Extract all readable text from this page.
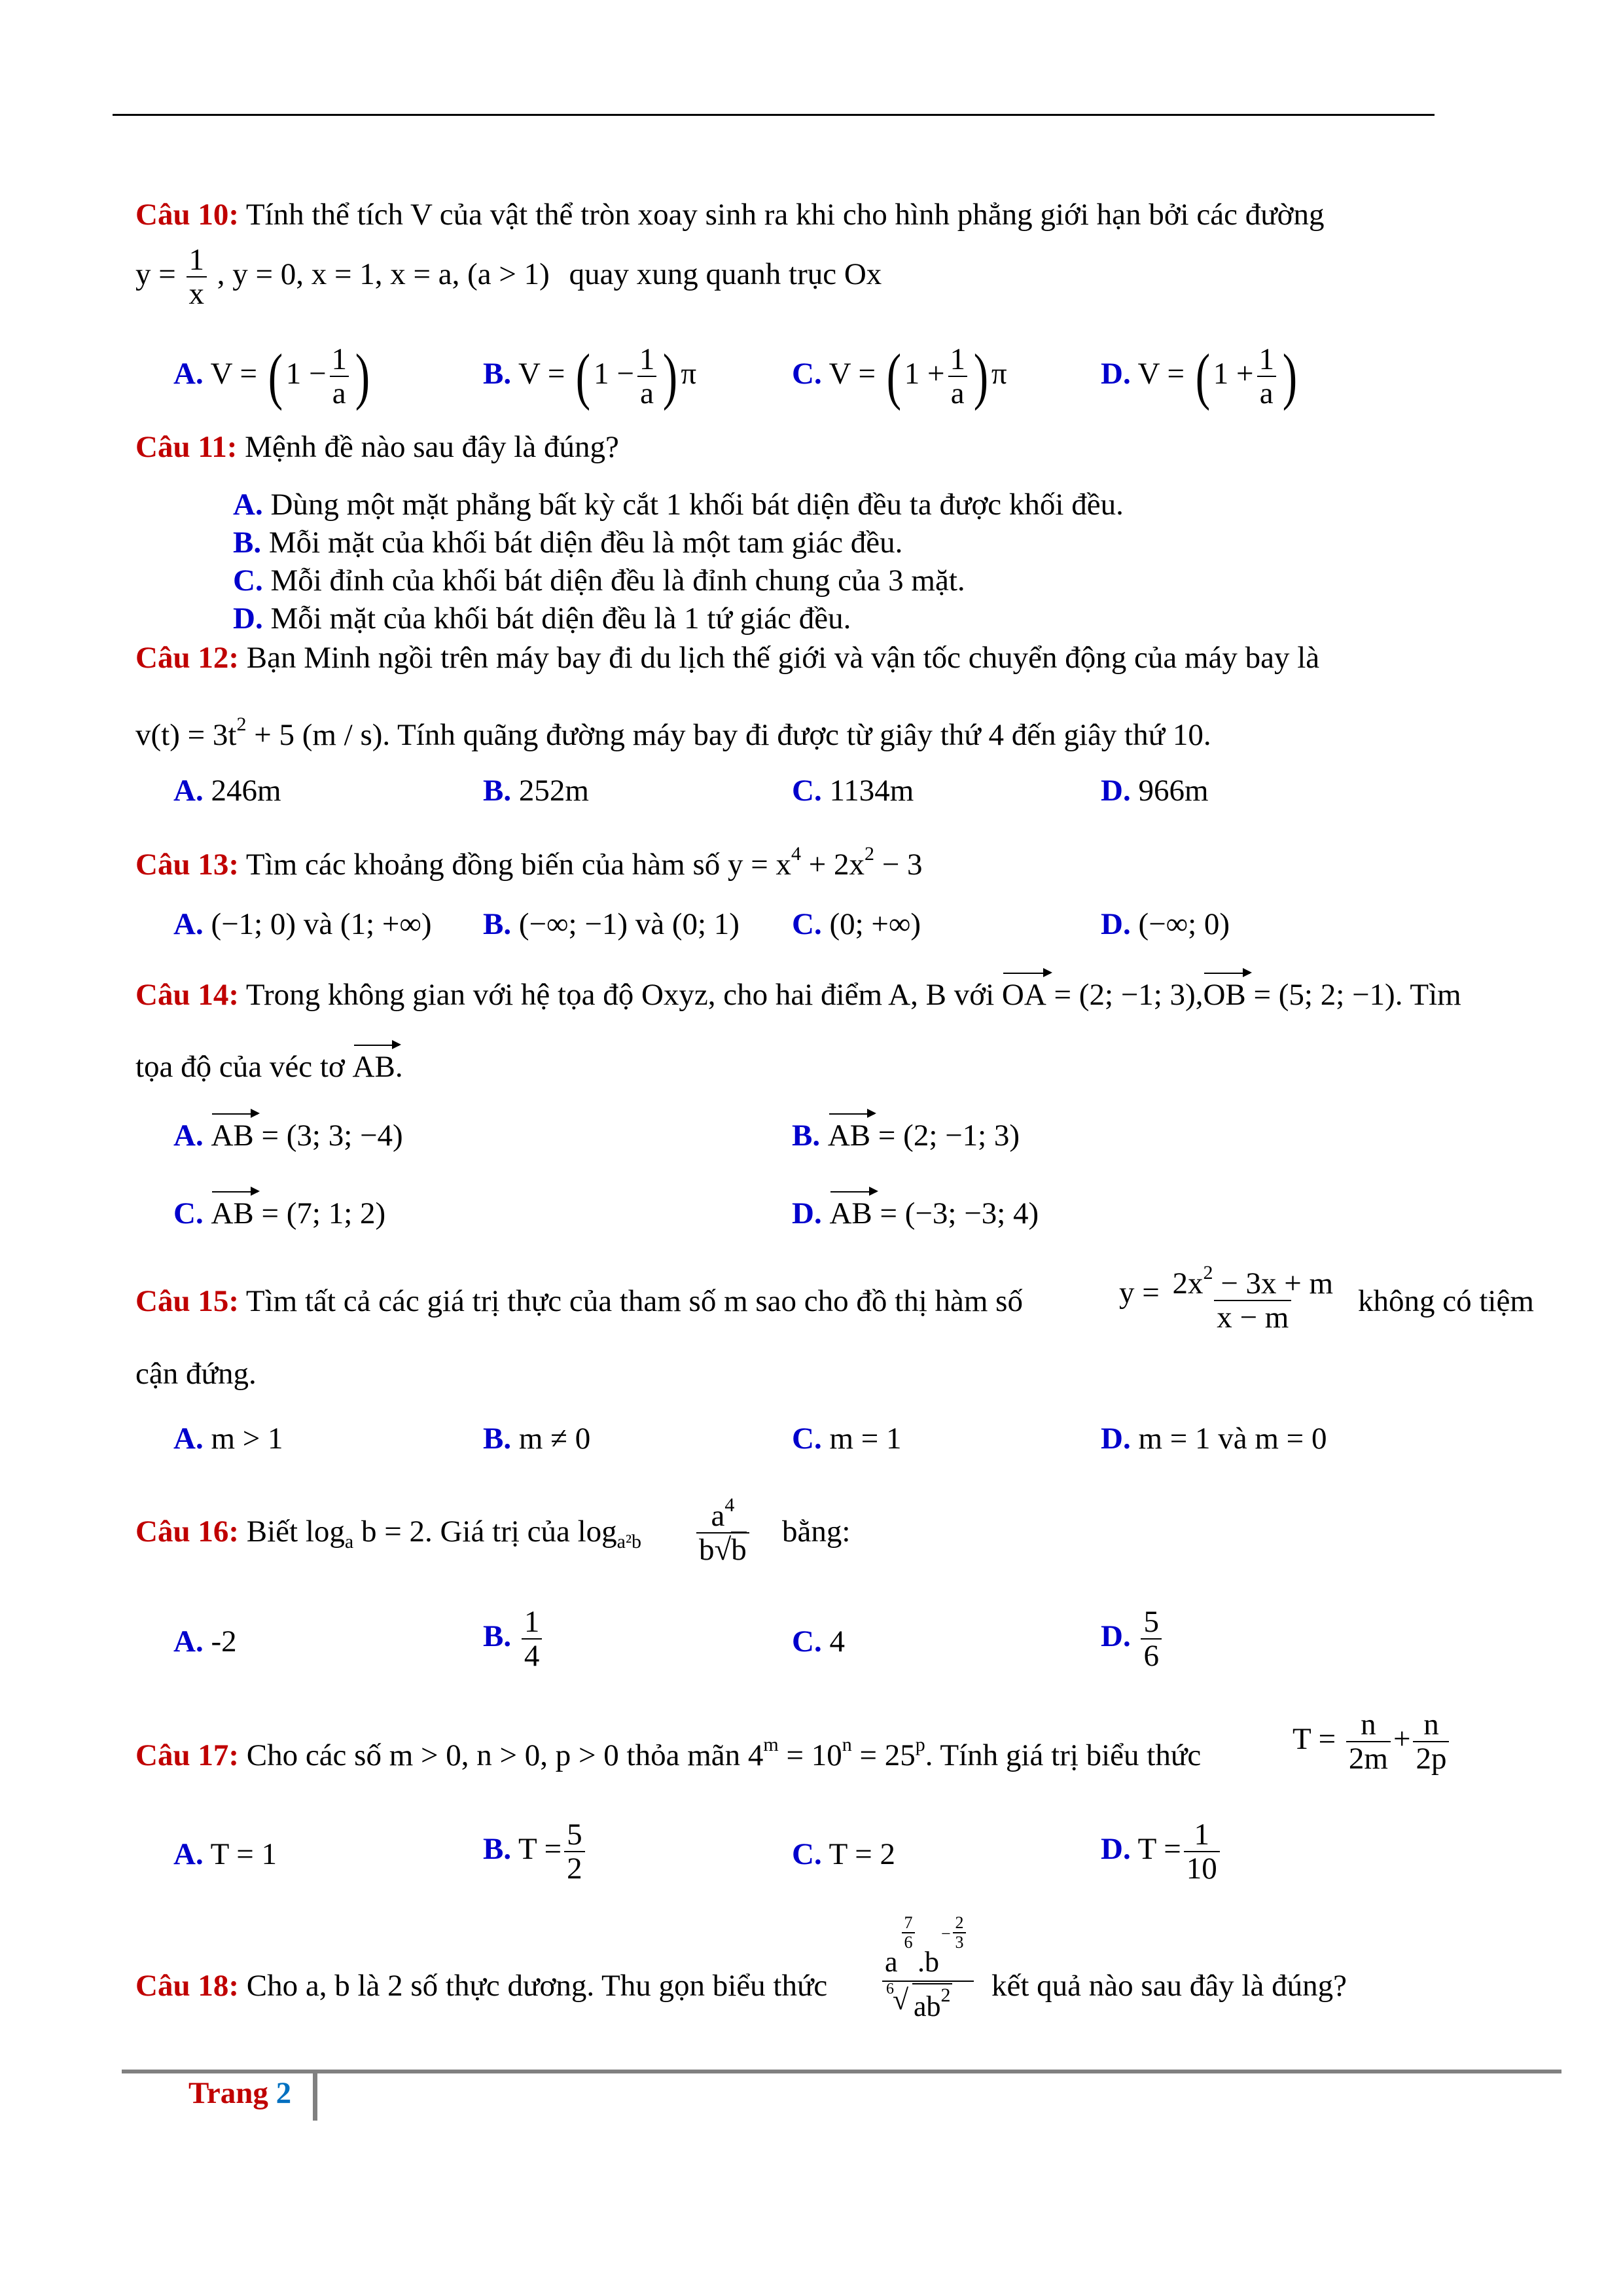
Câu 10: Tính thể tích V của vật thể tròn xoay sinh ra khi cho hình phẳng giới hạn bởi các đường
$y = \frac{1}{x}$ , y = 0, x = 1, x = a, (a > 1) quay xung quanh trục Ox
A. V = ( $1 - \frac{1}{a}$ )	B. V = ( $1 - \frac{1}{a}$ ) π	C. V = ( $1 + \frac{1}{a}$ ) π	D. V = ( $1 + \frac{1}{a}$ )
Câu 11: Mệnh đề nào sau đây là đúng?
A. Dùng một mặt phẳng bất kỳ cắt 1 khối bát diện đều ta được khối đều.
B. Mỗi mặt của khối bát diện đều là một tam giác đều.
C. Mỗi đỉnh của khối bát diện đều là đỉnh chung của 3 mặt.
D. Mỗi mặt của khối bát diện đều là 1 tứ giác đều.
Câu 12: Bạn Minh ngồi trên máy bay đi du lịch thế giới và vận tốc chuyển động của máy bay là
$v(t) = 3t^2 + 5$ (m / s). Tính quãng đường máy bay đi được từ giây thứ 4 đến giây thứ 10.
A. 246m	B. 252m	C. 1134m	D. 966m
Câu 13: Tìm các khoảng đồng biến của hàm số $y = x^4 + 2x^2 - 3$
A. (−1; 0) và (1; +∞) B. (−∞; −1) và (0; 1) C. (0; +∞)	D. (−∞; 0)
Câu 14: Trong không gian với hệ tọa độ Oxyz, cho hai điểm A, B với OA = (2; −1; 3),OB = (5; 2; −1). Tìm
tọa độ của véc tơ AB.
A. AB = (3; 3; −4)	B. AB = (2; −1; 3)
C. AB = (7; 1; 2)	D. AB = (−3; −3; 4)
Câu 15: Tìm tất cả các giá trị thực của tham số m sao cho đồ thị hàm số	$y = \frac{2x^2 - 3x + m}{x - m}$ không có tiệm
cận đứng.
A. m > 1	B. m ≠ 0	C. m = 1	D. m = 1 và m = 0
Câu 16: Biết $\log_a b = 2$. Giá trị của $\log_{a^2b} \frac{a^4}{b√b}$ bằng:
A. -2	B. $\frac{1}{4}$	C. 4	D. $\frac{5}{6}$
Câu 17: Cho các số m > 0, n > 0, p > 0 thỏa mãn $4^m = 10^n = 25^p$. Tính giá trị biểu thức	$T = \frac{n}{2m} + \frac{n}{2p}$
A. T = 1	B. $T = \frac{5}{2}$	C. T = 2	D. $T = \frac{1}{10}$
Câu 18: Cho a, b là 2 số thực dương. Thu gọn biểu thức
a
$\frac{7}{6}$
.b
− $\frac{2}{3}$
6
√ $ab^2$ kết quả nào sau đây là đúng?
Trang 2
